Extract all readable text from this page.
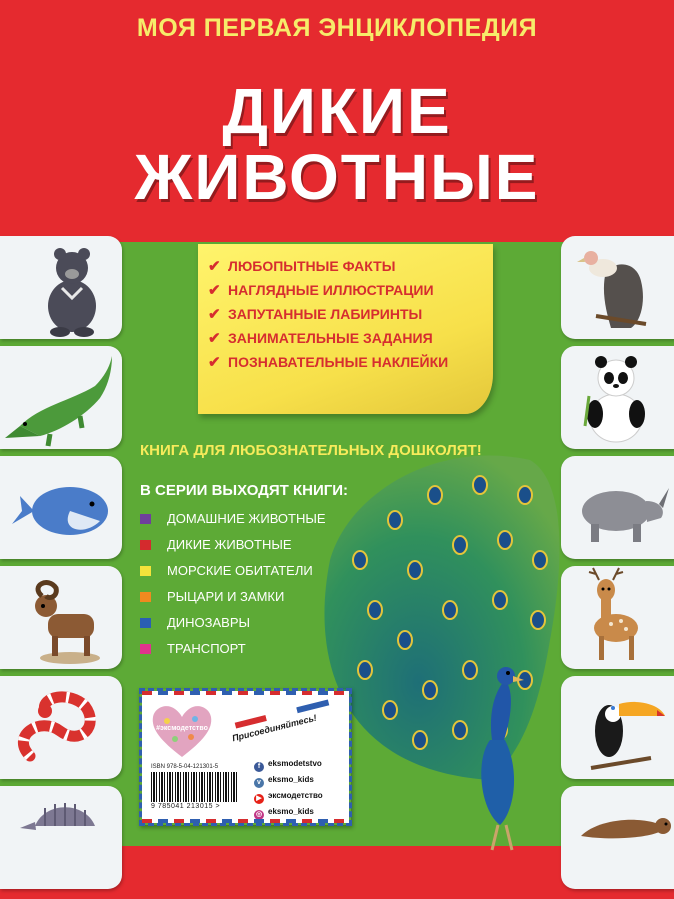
МОЯ ПЕРВАЯ ЭНЦИКЛОПЕДИЯ
ДИКИЕ
ЖИВОТНЫЕ
✔ ЛЮБОПЫТНЫЕ ФАКТЫ
✔ НАГЛЯДНЫЕ ИЛЛЮСТРАЦИИ
✔ ЗАПУТАННЫЕ ЛАБИРИНТЫ
✔ ЗАНИМАТЕЛЬНЫЕ ЗАДАНИЯ
✔ ПОЗНАВАТЕЛЬНЫЕ НАКЛЕЙКИ
КНИГА ДЛЯ ЛЮБОЗНАТЕЛЬНЫХ ДОШКОЛЯТ!
В СЕРИИ ВЫХОДЯТ КНИГИ:
ДОМАШНИЕ ЖИВОТНЫЕ
ДИКИЕ ЖИВОТНЫЕ
МОРСКИЕ ОБИТАТЕЛИ
РЫЦАРИ И ЗАМКИ
ДИНОЗАВРЫ
ТРАНСПОРТ
#эксмодетство	Присоединяйтесь!
ISBN 978-5-04-121301-5
9 785041 213015 >
f eksmodetstvo
v eksmo_kids
▶ эксмодетство
◎ eksmo_kids
